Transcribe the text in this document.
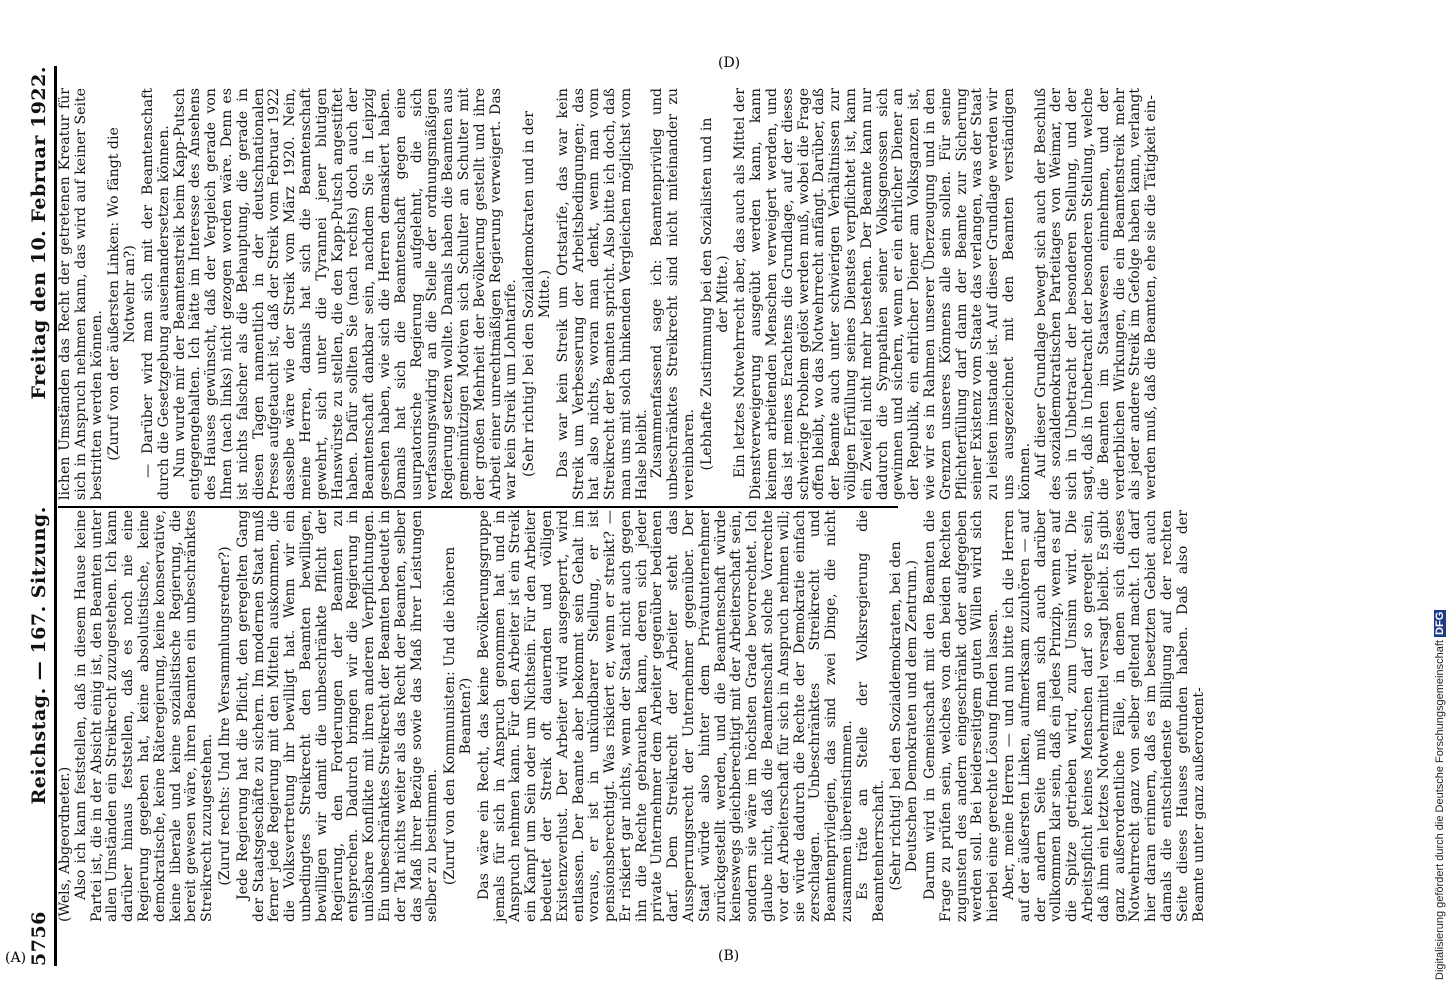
5756
Reichstag. — 167. Sitzung.
Freitag den 10. Februar 1922.

(Wels, Abgeordneter.) Also ich kann feststellen, daß in diesem Hause keine Partei ist, die in der Absicht einig ist, den Beamten unter allen Umständen ein Streikrecht zuzugestehen. Ich kann darüber hinaus feststellen, daß es noch nie eine Regierung gegeben hat, keine absolutistische, keine demokratische, keine Räteregierung, keine konservative, keine liberale und keine sozialistische Regierung, die bereit gewesen wäre, ihren Beamten ein unbeschränktes Streikrecht zuzugestehen. (Zuruf rechts: Und Ihre Versammlungsredner?) Jede Regierung hat die Pflicht, den geregelten Gang der Staatsgeschäfte zu sichern. Im modernen Staat muß ferner jede Regierung mit den Mitteln auskommen, die die Volksvertretung ihr bewilligt hat. Wenn wir ein unbedingtes Streikrecht den Beamten bewilligen, bewilligen wir damit die unbeschränkte Pflicht der Regierung, den Forderungen der Beamten zu entsprechen. Dadurch bringen wir die Regierung in unlösbare Konflikte mit ihren anderen Verpflichtungen. Ein unbeschränktes Streikrecht der Beamten bedeutet in der Tat nichts weiter als das Recht der Beamten, selber das Maß ihrer Bezüge sowie das Maß ihrer Leistungen selber zu bestimmen. (Zuruf von den Kommunisten: Und die höheren Beamten?) Das wäre ein Recht, das keine Bevölkerungsgruppe jemals für sich in Anspruch genommen hat und in Anspruch nehmen kann. Für den Arbeiter ist ein Streik ein Kampf um Sein oder um Nichtsein. Für den Arbeiter bedeutet der Streik oft dauernden und völligen Existenzverlust. Der Arbeiter wird ausgesperrt, wird entlassen. Der Beamte aber bekommt sein Gehalt im voraus, er ist in unkündbarer Stellung, er ist pensionsberechtigt. Was riskiert er, wenn er streikt? — Er riskiert gar nichts, wenn der Staat nicht auch gegen ihn die Rechte gebrauchen kann, deren sich jeder private Unternehmer dem Arbeiter gegenüber bedienen darf. Dem Streikrecht der Arbeiter steht das Aussperrungsrecht der Unternehmer gegenüber. Der Staat würde also hinter dem Privatunternehmer zurückgestellt werden, und die Beamtenschaft würde keineswegs gleichberechtigt mit der Arbeiterschaft sein, sondern sie wäre im höchsten Grade bevorrechtet. Ich glaube nicht, daß die Beamtenschaft solche Vorrechte vor der Arbeiterschaft für sich in Anspruch nehmen will; sie würde dadurch die Rechte der Demokratie einfach zerschlagen. Unbeschränktes Streikrecht und Beamtenprivilegien, das sind zwei Dinge, die nicht zusammen übereinstimmen. Es träte an Stelle der Volksregierung die Beamtenherrschaft. (Sehr richtig! bei den Sozialdemokraten, bei den Deutschen Demokraten und dem Zentrum.) Darum wird in Gemeinschaft mit den Beamten die Frage zu prüfen sein, welches von den beiden Rechten zugunsten des andern eingeschränkt oder aufgegeben werden soll. Bei beiderseitigem guten Willen wird sich hierbei eine gerechte Lösung finden lassen. Aber, meine Herren — und nun bitte ich die Herren auf der äußersten Linken, aufmerksam zuzuhören — auf der andern Seite muß man sich auch darüber vollkommen klar sein, daß ein jedes Prinzip, wenn es auf die Spitze getrieben wird, zum Unsinn wird. Die Arbeitspflicht keines Menschen darf so geregelt sein, daß ihm ein letztes Notwehrmittel versagt bleibt. Es gibt ganz außerordentliche Fälle, in denen sich dieses Notwehrrecht ganz von selber geltend macht. Ich darf hier daran erinnern, daß es im besetzten Gebiet auch damals die entschiedenste Billigung auf der rechten Seite dieses Hauses gefunden haben. Daß also der Beamte unter ganz außerordent-

lichen Umständen das Recht der getretenen Kreatur für sich in Anspruch nehmen kann, das wird auf keiner Seite bestritten werden können. (Zuruf von der äußersten Linken: Wo fängt die Notwehr an?) — Darüber wird man sich mit der Beamtenschaft durch die Gesetzgebung auseinandersetzen können. Nun wurde mir der Beamtenstreik beim Kapp-Putsch entgegengehalten. Ich hätte im Interesse des Ansehens des Hauses gewünscht, daß der Vergleich gerade von Ihnen (nach links) nicht gezogen worden wäre. Denn es ist nichts falscher als die Behauptung, die gerade in diesen Tagen namentlich in der deutschnationalen Presse aufgetaucht ist, daß der Streik vom Februar 1922 dasselbe wäre wie der Streik vom März 1920. Nein, meine Herren, damals hat sich die Beamtenschaft gewehrt, sich unter die Tyrannei jener blutigen Hanswürste zu stellen, die den Kapp-Putsch angestiftet haben. Dafür sollten Sie (nach rechts) doch auch der Beamtenschaft dankbar sein, nachdem Sie in Leipzig gesehen haben, wie sich die Herren demaskiert haben. Damals hat sich die Beamtenschaft gegen eine usurpatorische Regierung aufgelehnt, die sich verfassungswidrig an die Stelle der ordnungsmäßigen Regierung setzen wollte. Damals haben die Beamten aus gemeinnützigen Motiven sich Schulter an Schulter mit der großen Mehrheit der Bevölkerung gestellt und ihre Arbeit einer unrechtmäßigen Regierung verweigert. Das war kein Streik um Lohntarife. (Sehr richtig! bei den Sozialdemokraten und in der Mitte.) Das war kein Streik um Ortstarife, das war kein Streik um Verbesserung der Arbeitsbedingungen; das hat also nichts, woran man denkt, wenn man vom Streikrecht der Beamten spricht. Also bitte ich doch, daß man uns mit solch hinkenden Vergleichen möglichst vom Halse bleibt. Zusammenfassend sage ich: Beamtenprivileg und unbeschränktes Streikrecht sind nicht miteinander zu vereinbaren. (Lebhafte Zustimmung bei den Sozialisten und in der Mitte.) Ein letztes Notwehrrecht aber, das auch als Mittel der Dienstverweigerung ausgeübt werden kann, kann keinem arbeitenden Menschen verweigert werden, und das ist meines Erachtens die Grundlage, auf der dieses schwierige Problem gelöst werden muß, wobei die Frage offen bleibt, wo das Notwehrrecht anfängt. Darüber, daß der Beamte auch unter schwierigen Verhältnissen zur völligen Erfüllung seines Dienstes verpflichtet ist, kann ein Zweifel nicht mehr bestehen. Der Beamte kann nur dadurch die Sympathien seiner Volksgenossen sich gewinnen und sichern, wenn er ein ehrlicher Diener an der Republik, ein ehrlicher Diener am Volksganzen ist, wie wir es in Rahmen unserer Überzeugung und in den Grenzen unseres Könnens alle sein sollen. Für seine Pflichterfüllung darf dann der Beamte zur Sicherung seiner Existenz vom Staate das verlangen, was der Staat zu leisten imstande ist. Auf dieser Grundlage werden wir uns ausgezeichnet mit den Beamten verständigen können. Auf dieser Grundlage bewegt sich auch der Beschluß des sozialdemokratischen Parteitages von Weimar, der sich in Unbetracht der besonderen Stellung, und der sagt, daß in Unbetracht der besonderen Stellung, welche die Beamten im Staatswesen einnehmen, und der verderblichen Wirkungen, die ein Beamtenstreik mehr als jeder andere Streik im Gefolge haben kann, verlangt werden muß, daß die Beamten, ehe sie die Tätigkeit ein-

(A)	(B)
(D)
Digitalisierung gefördert durch die Deutsche Forschungsgemeinschaft DFG
